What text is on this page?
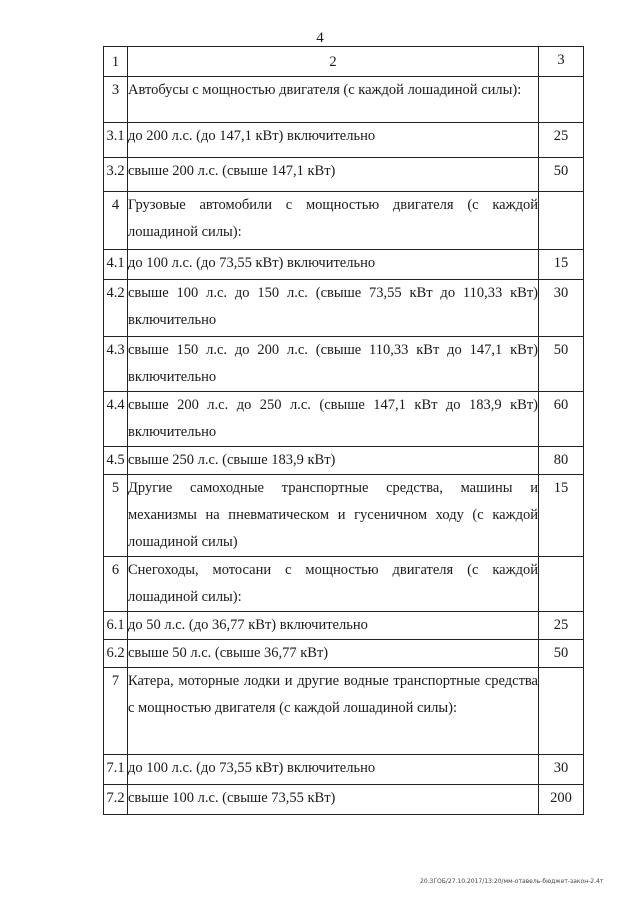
4
1	2	3
3	Автобусы с мощностью двигателя (с каждой лошадиной силы):	
3.1	до 200 л.с. (до 147,1 кВт) включительно	25
3.2	свыше 200 л.с. (свыше 147,1 кВт)	50
4	Грузовые автомобили с мощностью двигателя (с каждой лошадиной силы):	
4.1	до 100 л.с. (до 73,55 кВт) включительно	15
4.2	свыше 100 л.с. до 150 л.с. (свыше 73,55 кВт до 110,33 кВт) включительно	30
4.3	свыше 150 л.с. до 200 л.с. (свыше 110,33 кВт до 147,1 кВт) включительно	50
4.4	свыше 200 л.с. до 250 л.с. (свыше 147,1 кВт до 183,9 кВт) включительно	60
4.5	свыше 250 л.с. (свыше 183,9 кВт)	80
5	Другие самоходные транспортные средства, машины и механизмы на пневматическом и гусеничном ходу (с каждой лошадиной силы)	15
6	Снегоходы, мотосани с мощностью двигателя (с каждой лошадиной силы):	
6.1	до 50 л.с. (до 36,77 кВт) включительно	25
6.2	свыше 50 л.с. (свыше 36,77 кВт)	50
7	Катера, моторные лодки и другие водные транспортные средства с мощностью двигателя (с каждой лошадиной силы):	
7.1	до 100 л.с. (до 73,55 кВт) включительно	30
7.2	свыше 100 л.с. (свыше 73,55 кВт)	200
20.3ГОБ/27.10.2017/13:20/мм-отавель-бюджет-закон-2.4т
